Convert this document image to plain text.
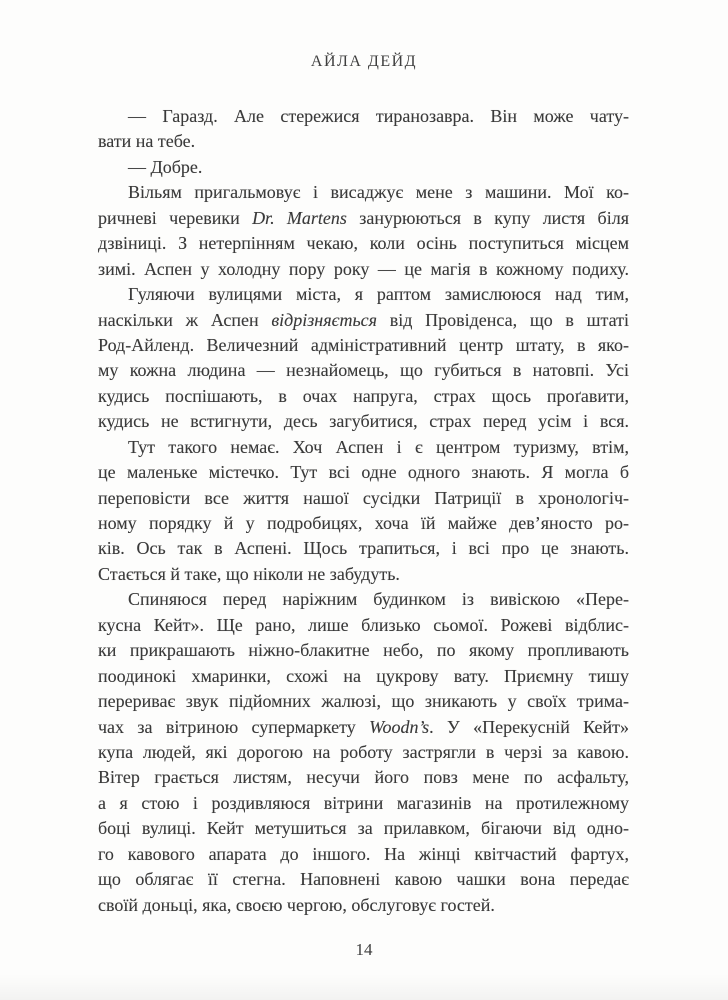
АЙЛА ДЕЙД
— Гаразд. Але стережися тиранозавра. Він може чату-
вати на тебе.
— Добре.
Вільям пригальмовує і висаджує мене з машини. Мої ко-
ричневі черевики Dr. Martens занурюються в купу листя біля
дзвіниці. З нетерпінням чекаю, коли осінь поступиться місцем
зимі. Аспен у холодну пору року — це магія в кожному подиху.
Гуляючи вулицями міста, я раптом замислююся над тим,
наскільки ж Аспен відрізняється від Провіденса, що в штаті
Род-Айленд. Величезний адміністративний центр штату, в яко-
му кожна людина — незнайомець, що губиться в натовпі. Усі
кудись поспішають, в очах напруга, страх щось проґавити,
кудись не встигнути, десь загубитися, страх перед усім і вся.
Тут такого немає. Хоч Аспен і є центром туризму, втім,
це маленьке містечко. Тут всі одне одного знають. Я могла б
переповісти все життя нашої сусідки Патриції в хронологіч-
ному порядку й у подробицях, хоча їй майже дев’яносто ро-
ків. Ось так в Аспені. Щось трапиться, і всі про це знають.
Стається й таке, що ніколи не забудуть.
Спиняюся перед наріжним будинком із вивіскою «Пере-
кусна Кейт». Ще рано, лише близько сьомої. Рожеві відблис-
ки прикрашають ніжно-блакитне небо, по якому пропливають
поодинокі хмаринки, схожі на цукрову вату. Приємну тишу
перериває звук підйомних жалюзі, що зникають у своїх трима-
чах за вітриною супермаркету Woodn’s. У «Перекусній Кейт»
купа людей, які дорогою на роботу застрягли в черзі за кавою.
Вітер грається листям, несучи його повз мене по асфальту,
а я стою і роздивляюся вітрини магазинів на протилежному
боці вулиці. Кейт метушиться за прилавком, бігаючи від одно-
го кавового апарата до іншого. На жінці квітчастий фартух,
що облягає її стегна. Наповнені кавою чашки вона передає
своїй доньці, яка, своєю чергою, обслуговує гостей.
14
